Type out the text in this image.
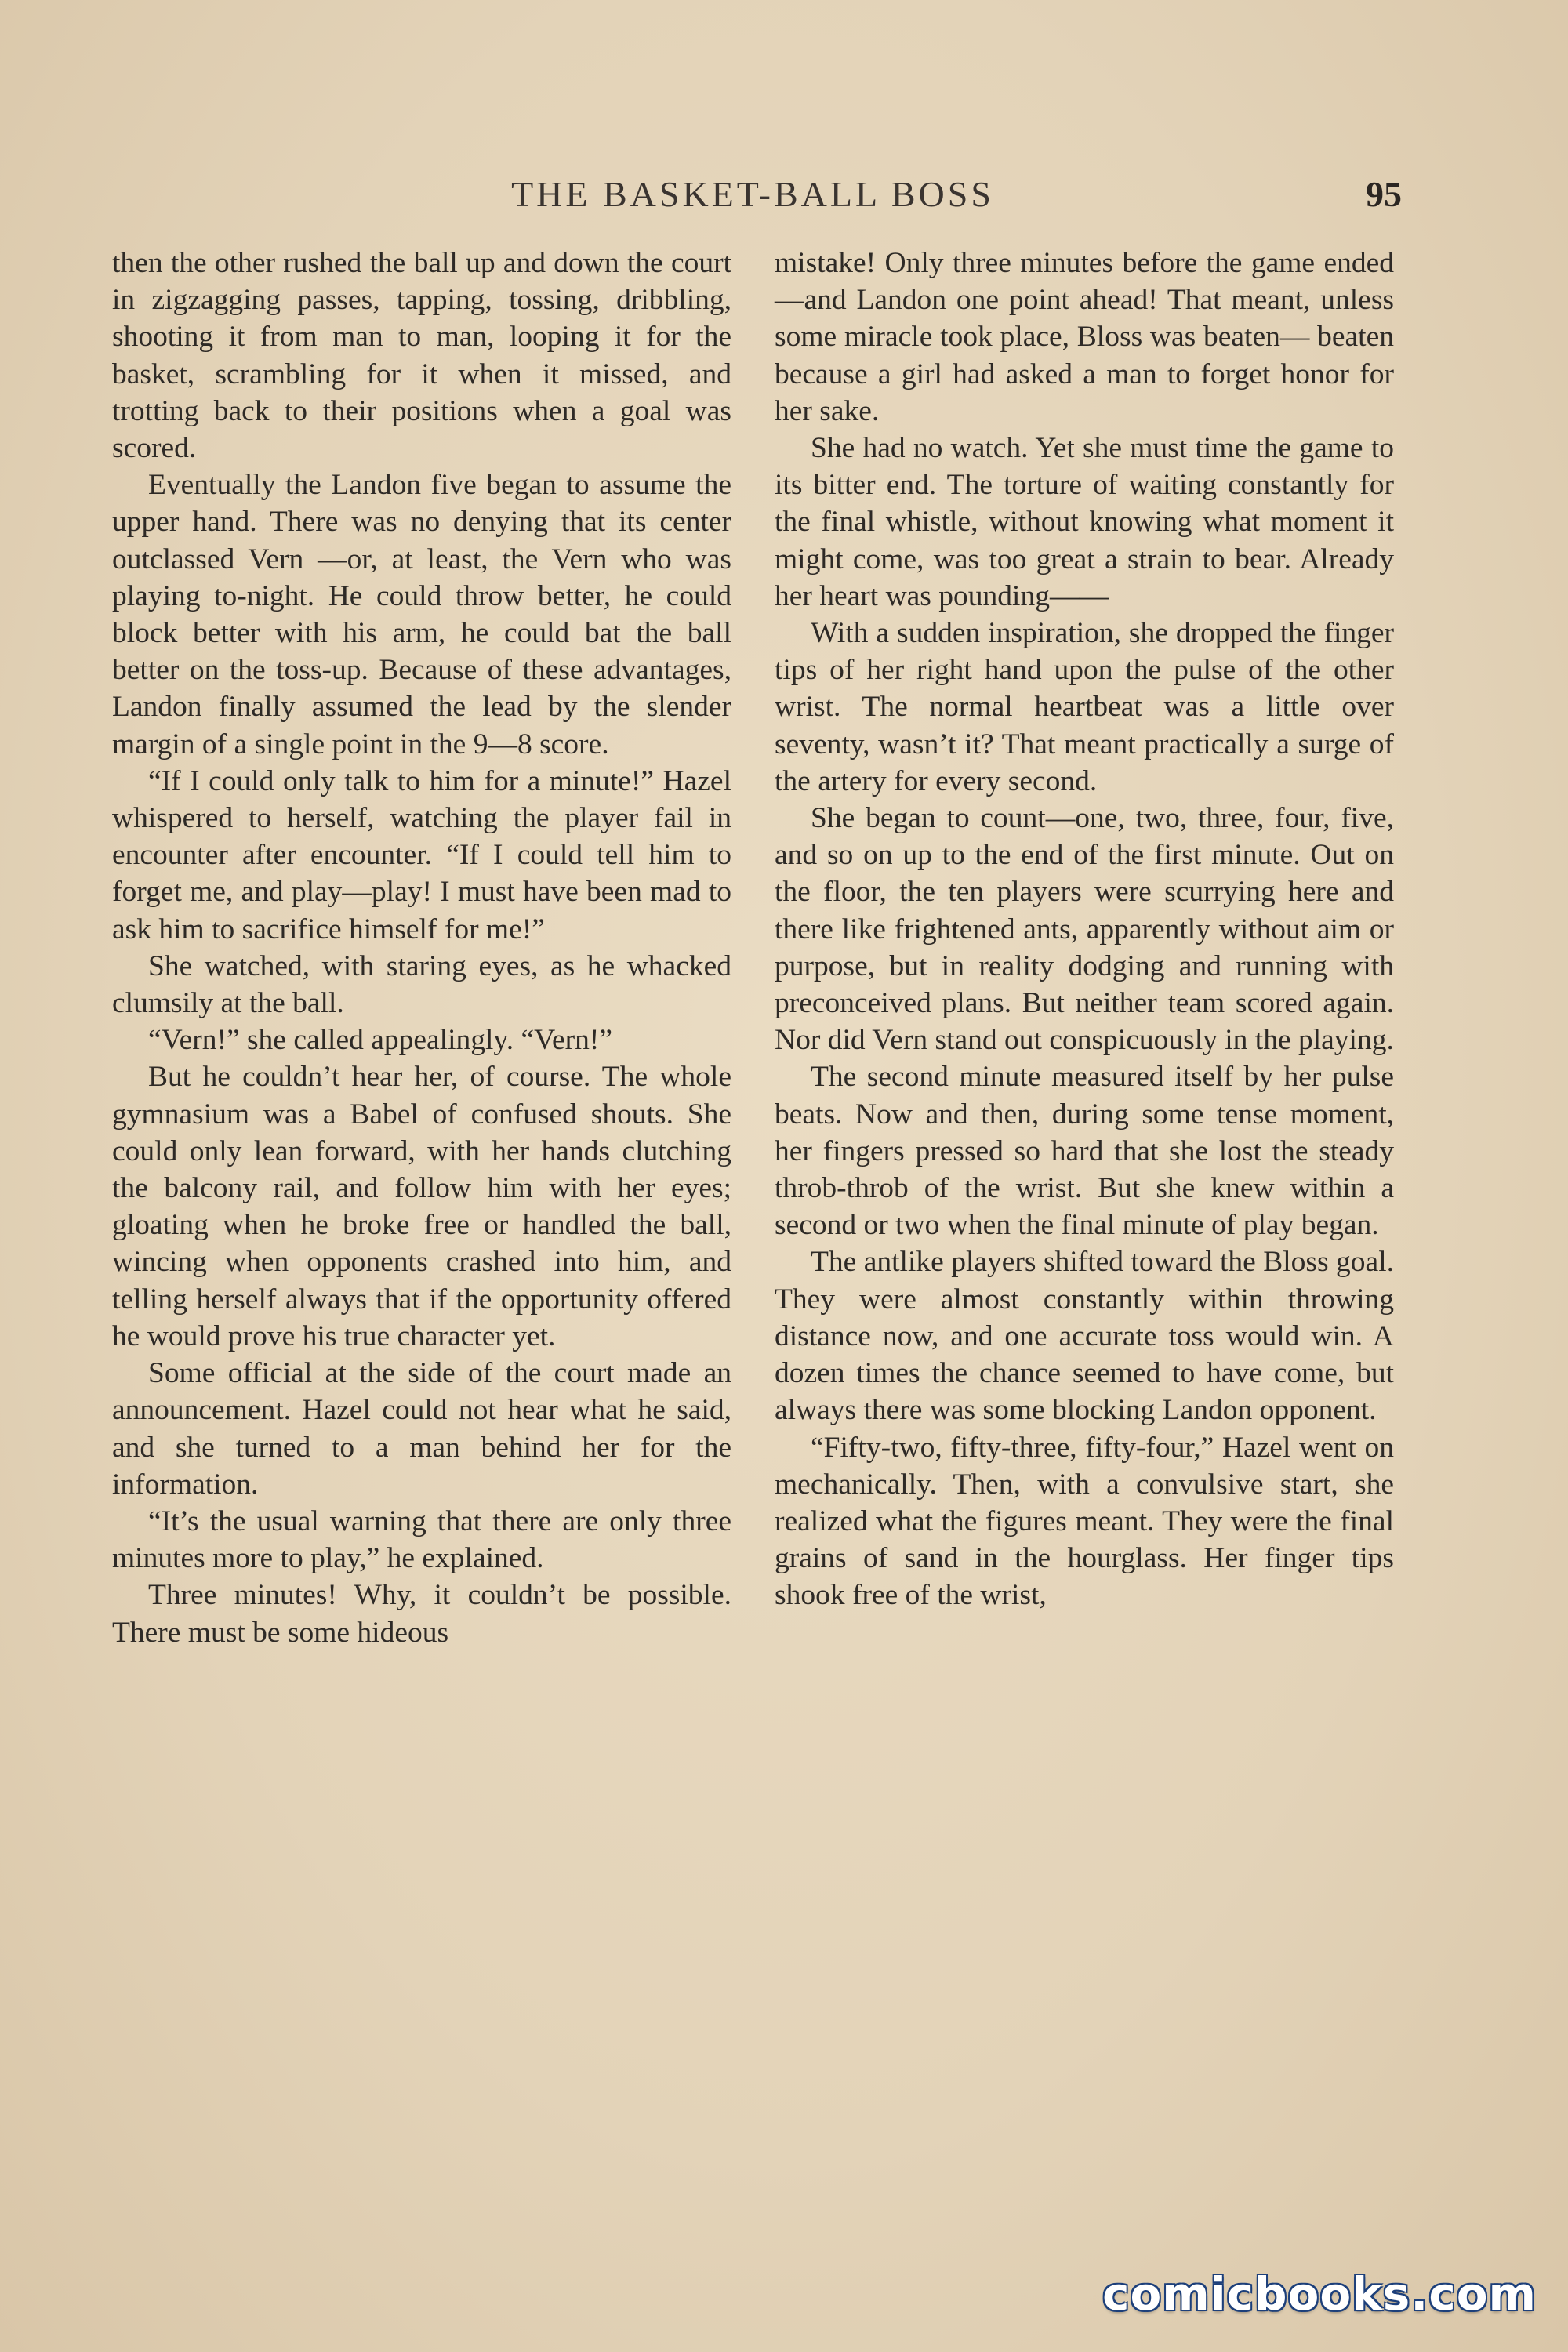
THE BASKET-BALL BOSS	95

then the other rushed the ball up and down the court in zigzagging passes, tapping, tossing, dribbling, shooting it from man to man, looping it for the basket, scrambling for it when it missed, and trotting back to their positions when a goal was scored.

Eventually the Landon five began to assume the upper hand. There was no denying that its center outclassed Vern —or, at least, the Vern who was playing to-night. He could throw better, he could block better with his arm, he could bat the ball better on the toss-up. Because of these advantages, Landon finally assumed the lead by the slender margin of a single point in the 9—8 score.

“If I could only talk to him for a minute!” Hazel whispered to herself, watching the player fail in encounter after encounter. “If I could tell him to forget me, and play—play! I must have been mad to ask him to sacrifice himself for me!”

She watched, with staring eyes, as he whacked clumsily at the ball.

“Vern!” she called appealingly. “Vern!”

But he couldn’t hear her, of course. The whole gymnasium was a Babel of confused shouts. She could only lean forward, with her hands clutching the balcony rail, and follow him with her eyes; gloating when he broke free or handled the ball, wincing when opponents crashed into him, and telling herself always that if the opportunity offered he would prove his true character yet.

Some official at the side of the court made an announcement. Hazel could not hear what he said, and she turned to a man behind her for the information.

“It’s the usual warning that there are only three minutes more to play,” he explained.

Three minutes! Why, it couldn’t be possible. There must be some hideous

mistake! Only three minutes before the game ended—and Landon one point ahead! That meant, unless some miracle took place, Bloss was beaten— beaten because a girl had asked a man to forget honor for her sake.

She had no watch. Yet she must time the game to its bitter end. The torture of waiting constantly for the final whistle, without knowing what moment it might come, was too great a strain to bear. Already her heart was pounding——

With a sudden inspiration, she dropped the finger tips of her right hand upon the pulse of the other wrist. The normal heartbeat was a little over seventy, wasn’t it? That meant practically a surge of the artery for every second.

She began to count—one, two, three, four, five, and so on up to the end of the first minute. Out on the floor, the ten players were scurrying here and there like frightened ants, apparently without aim or purpose, but in reality dodging and running with preconceived plans. But neither team scored again. Nor did Vern stand out conspicuously in the playing.

The second minute measured itself by her pulse beats. Now and then, during some tense moment, her fingers pressed so hard that she lost the steady throb-throb of the wrist. But she knew within a second or two when the final minute of play began.

The antlike players shifted toward the Bloss goal. They were almost constantly within throwing distance now, and one accurate toss would win. A dozen times the chance seemed to have come, but always there was some blocking Landon opponent.

“Fifty-two, fifty-three, fifty-four,” Hazel went on mechanically. Then, with a convulsive start, she realized what the figures meant. They were the final grains of sand in the hourglass. Her finger tips shook free of the wrist,

comicbooks.com
